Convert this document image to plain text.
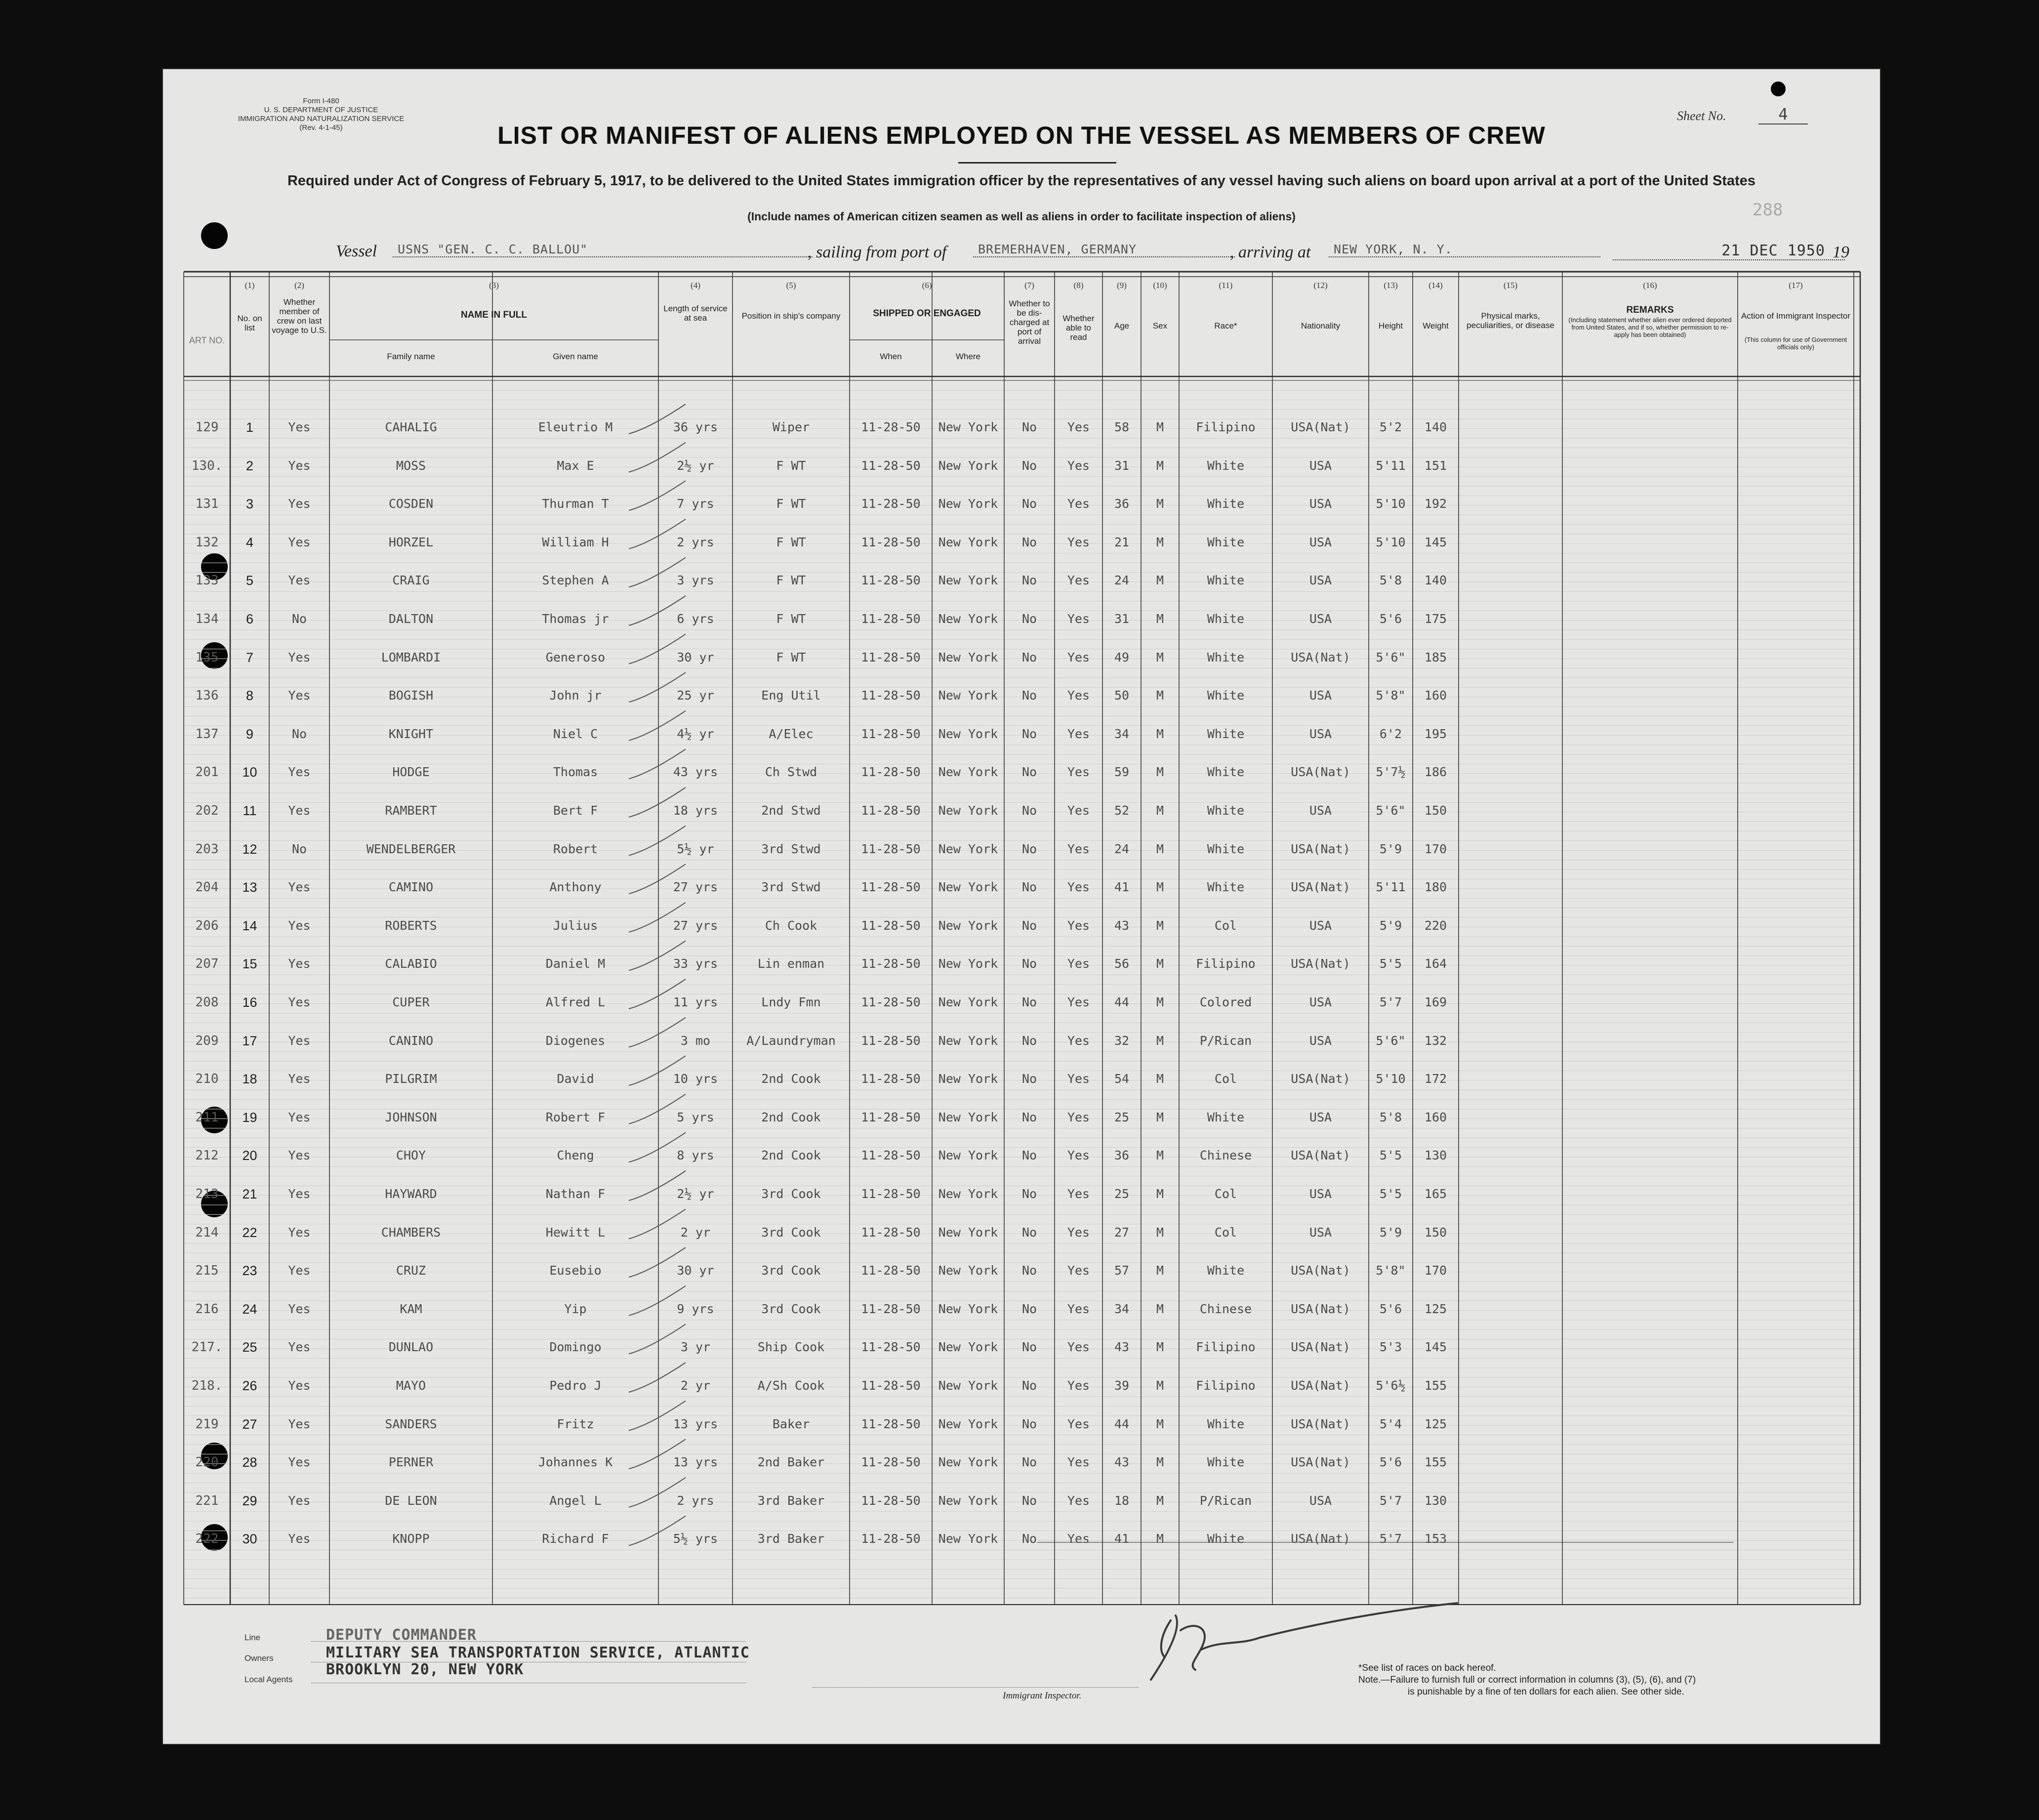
Form I-480
U. S. DEPARTMENT OF JUSTICE
IMMIGRATION AND NATURALIZATION SERVICE
(Rev. 4-1-45)
Sheet No.	4
288
LIST OR MANIFEST OF ALIENS EMPLOYED ON THE VESSEL AS MEMBERS OF CREW
Required under Act of Congress of February 5, 1917, to be delivered to the United States immigration officer by the representatives of any vessel having such aliens on board upon arrival at a port of the United States
(Include names of American citizen seamen as well as aliens in order to facilitate inspection of aliens)
Vessel	USNS "GEN. C. C. BALLOU"	, sailing from port of	BREMERHAVEN, GERMANY	, arriving at	NEW YORK, N. Y.	21 DEC 1950 19
(1)	(2)	(3)	(4)	(5)	(6)	(7)	(8)	(9)	(10)	(11)	(12)	(13)	(14)	(15)	(16)	(17)
ART NO.
No. on list
Whether member of crew on last voyage to U.S.
NAME IN FULL
Family name	Given name
Length of service at sea	Position in ship's company	SHIPPED OR ENGAGED
When	Where
Whether to be dis-charged at port of arrival
Whether able to read
Age	Sex	Race*	Nationality	Height	Weight
Physical marks, peculiarities, or disease
REMARKS
(Including statement whether alien ever ordered deported from United States, and if so, whether permission to re-apply has been obtained)
Action of Immigrant Inspector
(This column for use of Government officials only)
129	1	Yes	CAHALIG	Eleutrio M	36 yrs	Wiper	11-28-50	New York	No	Yes	58	M	Filipino	USA(Nat)	5'2	140
130.	2	Yes	MOSS	Max E	2½ yr	F WT	11-28-50	New York	No	Yes	31	M	White	USA	5'11	151
131	3	Yes	COSDEN	Thurman T	7 yrs	F WT	11-28-50	New York	No	Yes	36	M	White	USA	5'10	192
132	4	Yes	HORZEL	William H	2 yrs	F WT	11-28-50	New York	No	Yes	21	M	White	USA	5'10	145
133	5	Yes	CRAIG	Stephen A	3 yrs	F WT	11-28-50	New York	No	Yes	24	M	White	USA	5'8	140
134	6	No	DALTON	Thomas jr	6 yrs	F WT	11-28-50	New York	No	Yes	31	M	White	USA	5'6	175
135	7	Yes	LOMBARDI	Generoso	30 yr	F WT	11-28-50	New York	No	Yes	49	M	White	USA(Nat)	5'6"	185
136	8	Yes	BOGISH	John jr	25 yr	Eng Util	11-28-50	New York	No	Yes	50	M	White	USA	5'8"	160
137	9	No	KNIGHT	Niel C	4½ yr	A/Elec	11-28-50	New York	No	Yes	34	M	White	USA	6'2	195
201	10	Yes	HODGE	Thomas	43 yrs	Ch Stwd	11-28-50	New York	No	Yes	59	M	White	USA(Nat)	5'7½	186
202	11	Yes	RAMBERT	Bert F	18 yrs	2nd Stwd	11-28-50	New York	No	Yes	52	M	White	USA	5'6"	150
203	12	No	WENDELBERGER	Robert	5½ yr	3rd Stwd	11-28-50	New York	No	Yes	24	M	White	USA(Nat)	5'9	170
204	13	Yes	CAMINO	Anthony	27 yrs	3rd Stwd	11-28-50	New York	No	Yes	41	M	White	USA(Nat)	5'11	180
206	14	Yes	ROBERTS	Julius	27 yrs	Ch Cook	11-28-50	New York	No	Yes	43	M	Col	USA	5'9	220
207	15	Yes	CALABIO	Daniel M	33 yrs	Lin enman	11-28-50	New York	No	Yes	56	M	Filipino	USA(Nat)	5'5	164
208	16	Yes	CUPER	Alfred L	11 yrs	Lndy Fmn	11-28-50	New York	No	Yes	44	M	Colored	USA	5'7	169
209	17	Yes	CANINO	Diogenes	3 mo	A/Laundryman	11-28-50	New York	No	Yes	32	M	P/Rican	USA	5'6"	132
210	18	Yes	PILGRIM	David	10 yrs	2nd Cook	11-28-50	New York	No	Yes	54	M	Col	USA(Nat)	5'10	172
211	19	Yes	JOHNSON	Robert F	5 yrs	2nd Cook	11-28-50	New York	No	Yes	25	M	White	USA	5'8	160
212	20	Yes	CHOY	Cheng	8 yrs	2nd Cook	11-28-50	New York	No	Yes	36	M	Chinese	USA(Nat)	5'5	130
213	21	Yes	HAYWARD	Nathan F	2½ yr	3rd Cook	11-28-50	New York	No	Yes	25	M	Col	USA	5'5	165
214	22	Yes	CHAMBERS	Hewitt L	2 yr	3rd Cook	11-28-50	New York	No	Yes	27	M	Col	USA	5'9	150
215	23	Yes	CRUZ	Eusebio	30 yr	3rd Cook	11-28-50	New York	No	Yes	57	M	White	USA(Nat)	5'8"	170
216	24	Yes	KAM	Yip	9 yrs	3rd Cook	11-28-50	New York	No	Yes	34	M	Chinese	USA(Nat)	5'6	125
217.	25	Yes	DUNLAO	Domingo	3 yr	Ship Cook	11-28-50	New York	No	Yes	43	M	Filipino	USA(Nat)	5'3	145
218.	26	Yes	MAYO	Pedro J	2 yr	A/Sh Cook	11-28-50	New York	No	Yes	39	M	Filipino	USA(Nat)	5'6½	155
219	27	Yes	SANDERS	Fritz	13 yrs	Baker	11-28-50	New York	No	Yes	44	M	White	USA(Nat)	5'4	125
220	28	Yes	PERNER	Johannes K	13 yrs	2nd Baker	11-28-50	New York	No	Yes	43	M	White	USA(Nat)	5'6	155
221	29	Yes	DE LEON	Angel L	2 yrs	3rd Baker	11-28-50	New York	No	Yes	18	M	P/Rican	USA	5'7	130
222	30	Yes	KNOPP	Richard F	5½ yrs	3rd Baker	11-28-50	New York	No	Yes	41	M	White	USA(Nat)	5'7	153
Line
Owners
Local Agents
DEPUTY COMMANDER
MILITARY SEA TRANSPORTATION SERVICE, ATLANTIC
BROOKLYN 20, NEW YORK
Immigrant Inspector.
*See list of races on back hereof.
Note.—Failure to furnish full or correct information in columns (3), (5), (6), and (7)
is punishable by a fine of ten dollars for each alien. See other side.
